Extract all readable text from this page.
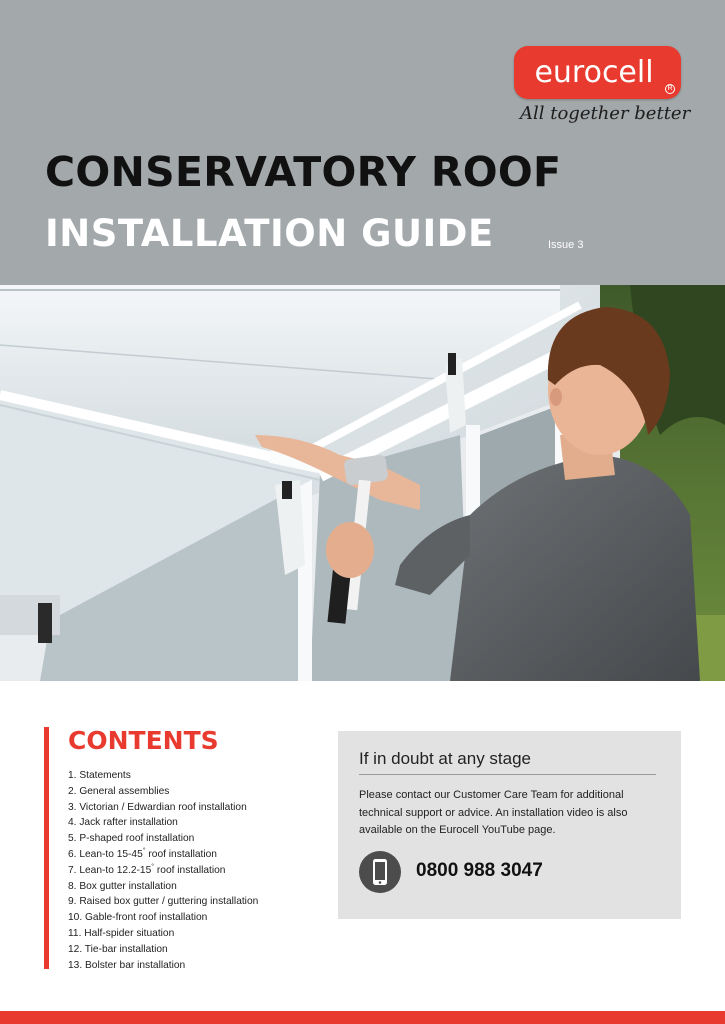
eurocell	R
All together better
CONSERVATORY ROOF
INSTALLATION GUIDE	Issue 3
CONTENTS
1. Statements
2. General assemblies
3. Victorian / Edwardian roof installation
4. Jack rafter installation
5. P-shaped roof installation
6. Lean-to 15-45° roof installation
7. Lean-to 12.2-15° roof installation
8. Box gutter installation
9. Raised box gutter / guttering installation
10. Gable-front roof installation
11. Half-spider situation
12. Tie-bar installation
13. Bolster bar installation
If in doubt at any stage
Please contact our Customer Care Team for additional technical support or advice. An installation video is also available on the Eurocell YouTube page.
0800 988 3047
